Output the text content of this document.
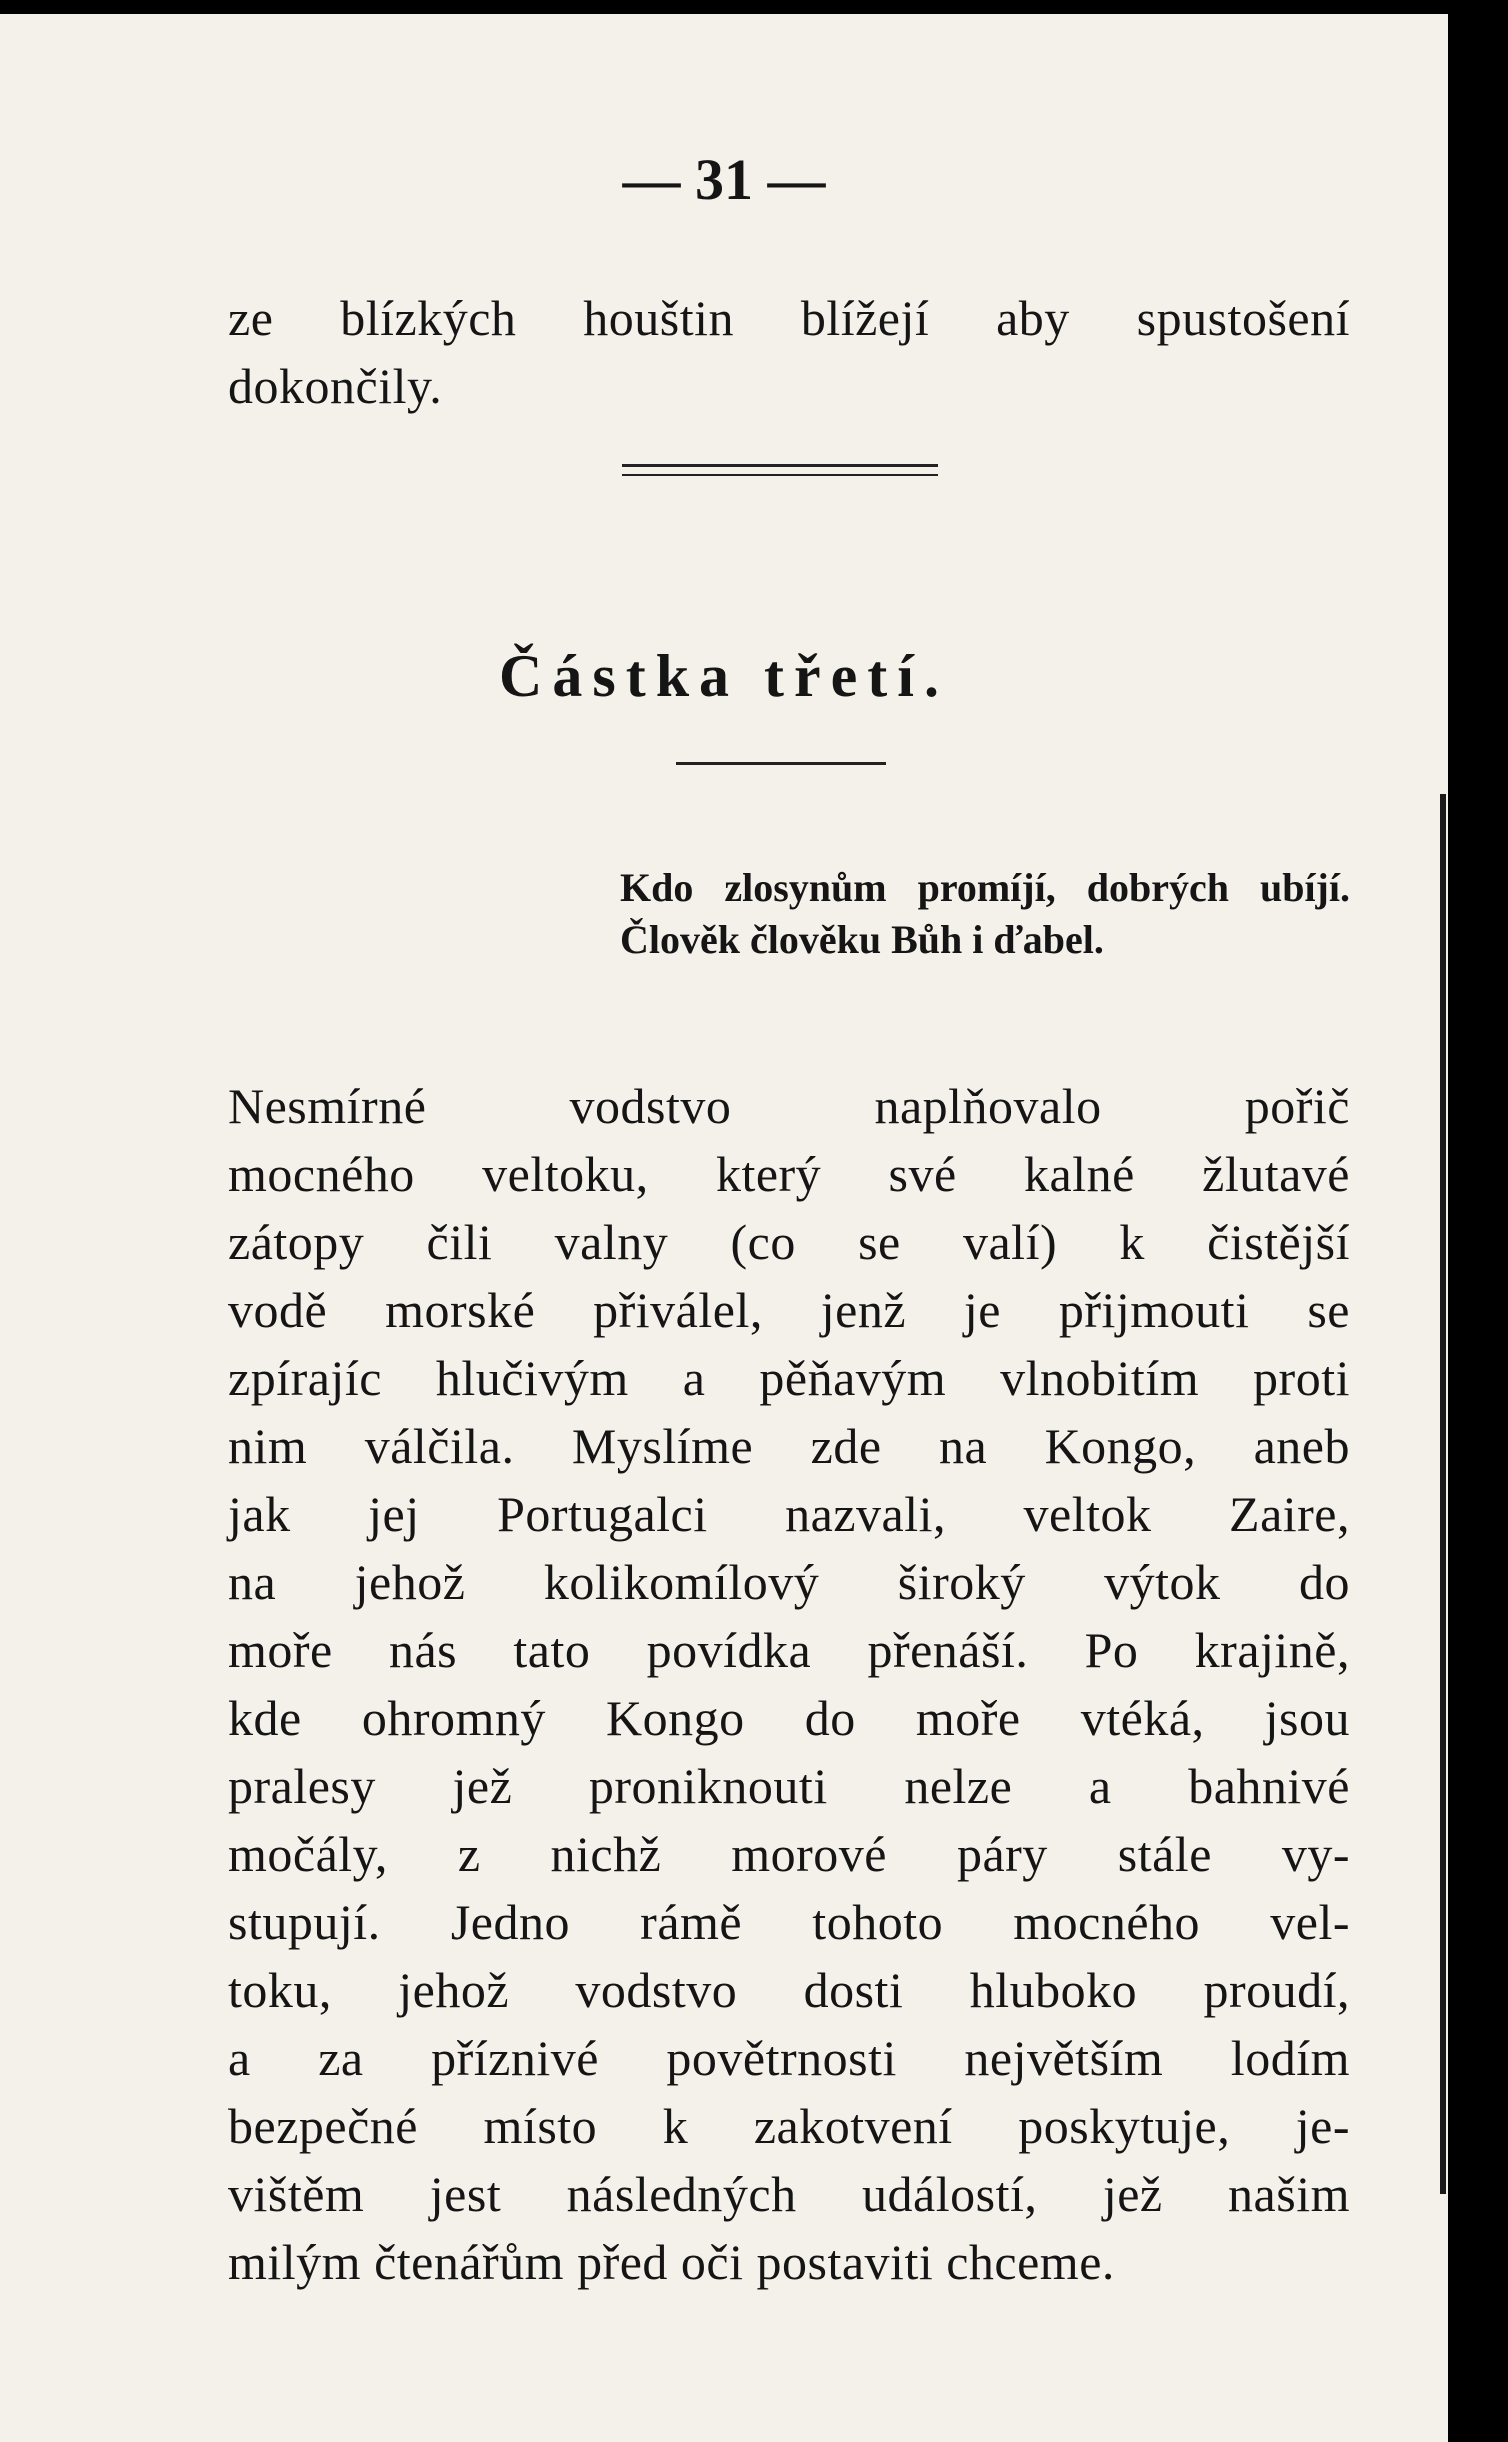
— 31 —
ze blízkých houštin blížejí aby spustošení
dokončily.
Částka třetí.
Kdo zlosynům promíjí, dobrých ubíjí.
Člověk člověku Bůh i ďabel.
Nesmírné vodstvo naplňovalo pořič
mocného veltoku, který své kalné žlutavé
zátopy čili valny (co se valí) k čistější
vodě morské přiválel, jenž je přijmouti se
zpírajíc hlučivým a pěňavým vlnobitím proti
nim válčila. Myslíme zde na Kongo, aneb
jak jej Portugalci nazvali, veltok Zaire,
na jehož kolikomílový široký výtok do
moře nás tato povídka přenáší. Po krajině,
kde ohromný Kongo do moře vtéká, jsou
pralesy jež proniknouti nelze a bahnivé
močály, z nichž morové páry stále vy-
stupují. Jedno rámě tohoto mocného vel-
toku, jehož vodstvo dosti hluboko proudí,
a za příznivé povětrnosti největším lodím
bezpečné místo k zakotvení poskytuje, je-
vištěm jest následných událostí, jež našim
milým čtenářům před oči postaviti chceme.
